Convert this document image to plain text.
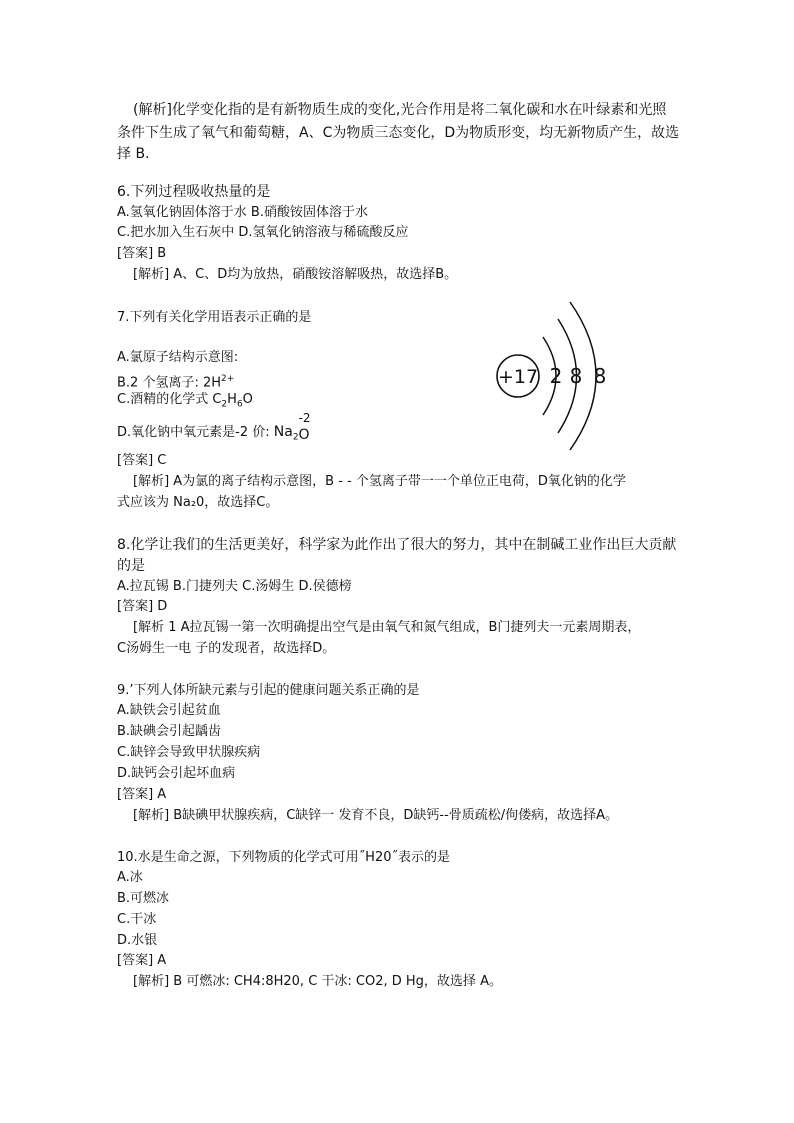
(解析]化学变化指的是有新物质生成的变化,光合作用是将二氧化碳和水在叶绿素和光照
条件下生成了氧气和葡萄糖，A、C为物质三态变化，D为物质形变，均无新物质产生，故选
择 B.
6.下列过程吸收热量的是
A.氢氧化钠固体溶于水 B.硝酸铵固体溶于水
C.把水加入生石灰中 D.氢氧化钠溶液与稀硫酸反应
[答案] B
[解析] A、C、D均为放热，硝酸铵溶解吸热，故选择B。
7.下列有关化学用语表示正确的是
A.氯原子结构示意图:
B.2 个氢离子: $2H^{2+}$
C.酒精的化学式 $C_2H_6O$
D.氧化钠中氧元素是-2 价: $Na_2$
-2
O
+17 2 8 8
[答案] C
[解析] A为氯的离子结构示意图，B - - 个氢离子带一一个单位正电荷，D氧化钠的化学
式应该为 Na₂0，故选择C。
8.化学让我们的生活更美好，科学家为此作出了很大的努力，其中在制碱工业作出巨大贡献
的是
A.拉瓦锡 B.门捷列夫 C.汤姆生 D.侯德榜
[答案] D
[解析 1 A拉瓦锡一第一次明确提出空气是由氧气和氮气组成，B门捷列夫一元素周期表，
C汤姆生一电 子的发现者，故选择D。
9.’下列人体所缺元素与引起的健康问题关系正确的是
A.缺铁会引起贫血
B.缺碘会引起龋齿
C.缺锌会导致甲状腺疾病
D.缺钙会引起坏血病
[答案] A
[解析] B缺碘甲状腺疾病，C缺锌一 发育不良，D缺钙--骨质疏松/佝偻病，故选择A。
10.水是生命之源，下列物质的化学式可用˝H20˝表示的是
A.冰
B.可燃冰
C.干冰
D.水银
[答案] A
[解析] B 可燃冰: CH4:8H20, C 干冰: CO2, D Hg，故选择 A。
